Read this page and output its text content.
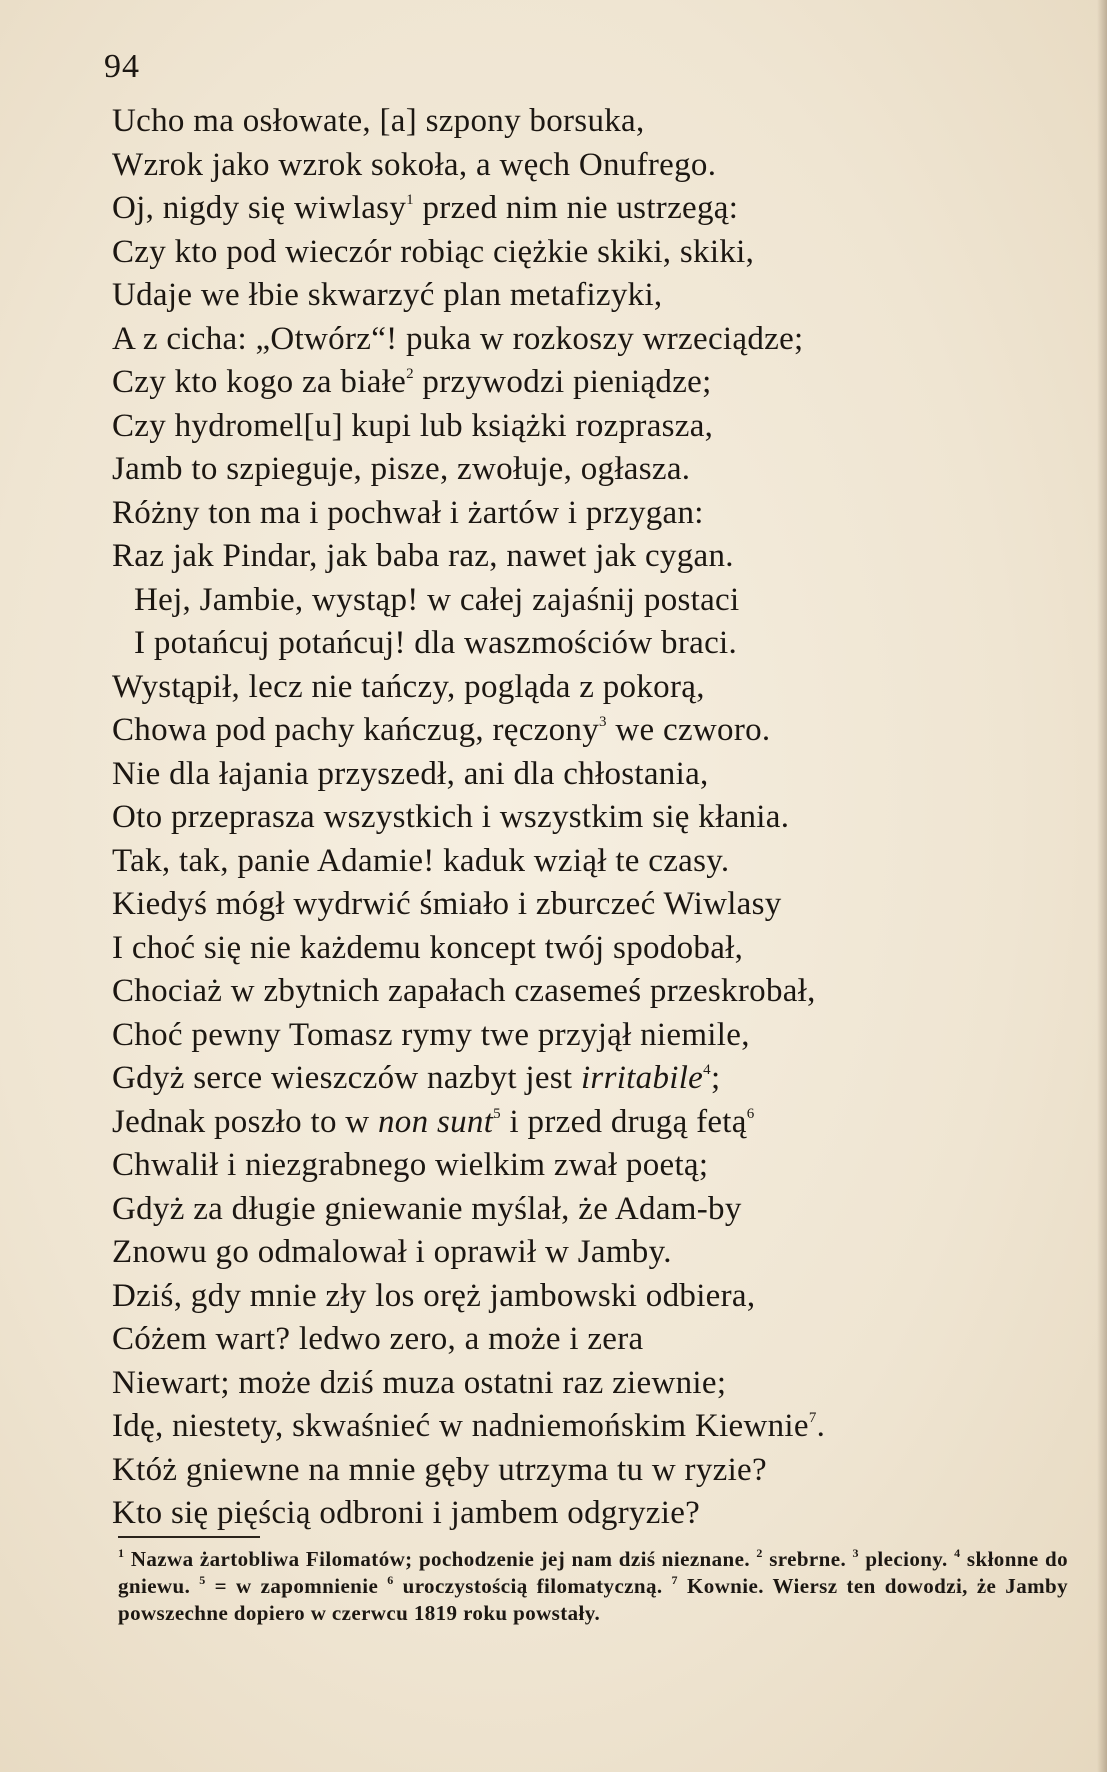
94
Ucho ma osłowate, [a] szpony borsuka,
Wzrok jako wzrok sokoła, a węch Onufrego.
Oj, nigdy się wiwlasy$^1$ przed nim nie ustrzegą:
Czy kto pod wieczór robiąc ciężkie skiki, skiki,
Udaje we łbie skwarzyć plan metafizyki,
A z cicha: „Otwórz“! puka w rozkoszy wrzeciądze;
Czy kto kogo za białe$^2$ przywodzi pieniądze;
Czy hydromel[u] kupi lub książki rozprasza,
Jamb to szpieguje, pisze, zwołuje, ogłasza.
Różny ton ma i pochwał i żartów i przygan:
Raz jak Pindar, jak baba raz, nawet jak cygan.
Hej, Jambie, wystąp! w całej zajaśnij postaci
I potańcuj potańcuj! dla waszmościów braci.
Wystąpił, lecz nie tańczy, pogląda z pokorą,
Chowa pod pachy kańczug, ręczony$^3$ we czworo.
Nie dla łajania przyszedł, ani dla chłostania,
Oto przeprasza wszystkich i wszystkim się kłania.
Tak, tak, panie Adamie! kaduk wziął te czasy.
Kiedyś mógł wydrwić śmiało i zburczeć Wiwlasy
I choć się nie każdemu koncept twój spodobał,
Chociaż w zbytnich zapałach czasemeś przeskrobał,
Choć pewny Tomasz rymy twe przyjął niemile,
Gdyż serce wieszczów nazbyt jest irritabile$^4$;
Jednak poszło to w non sunt$^5$ i przed drugą fetą$^6$
Chwalił i niezgrabnego wielkim zwał poetą;
Gdyż za długie gniewanie myślał, że Adam-by
Znowu go odmalował i oprawił w Jamby.
Dziś, gdy mnie zły los oręż jambowski odbiera,
Cóżem wart? ledwo zero, a może i zera
Niewart; może dziś muza ostatni raz ziewnie;
Idę, niestety, skwaśnieć w nadniemońskim Kiewnie$^7$.
Któż gniewne na mnie gęby utrzyma tu w ryzie?
Kto się pięścią odbroni i jambem odgryzie?
$^1$ Nazwa żartobliwa Filomatów; pochodzenie jej nam dziś nieznane. $^2$ srebrne. $^3$ pleciony. $^4$ skłonne do gniewu. $^5$ = w zapomnienie $^6$ uroczystością filomatyczną. $^7$ Kownie. Wiersz ten dowodzi, że Jamby powszechne dopiero w czerwcu 1819 roku powstały.
